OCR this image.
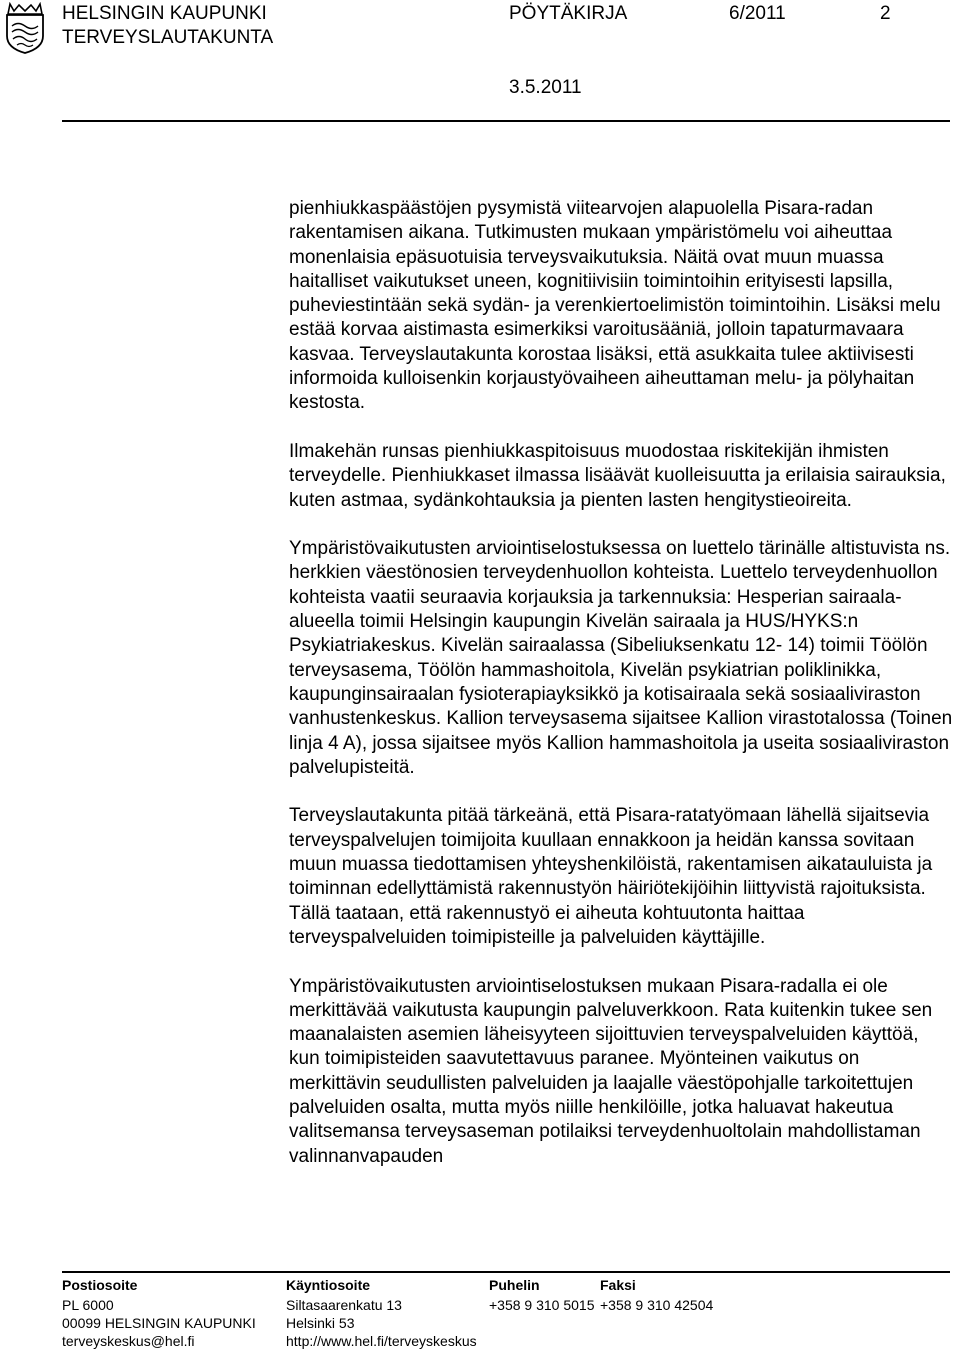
HELSINGIN KAUPUNKI
TERVEYSLAUTAKUNTA
PÖYTÄKIRJA	6/2011	2
3.5.2011

pienhiukkaspäästöjen pysymistä viitearvojen alapuolella Pisara-radan rakentamisen aikana. Tutkimusten mukaan ympäristömelu voi aiheuttaa monenlaisia epäsuotuisia terveysvaikutuksia. Näitä ovat muun muassa haitalliset vaikutukset uneen, kognitiivisiin toimintoihin erityisesti lapsilla, puheviestintään sekä sydän- ja verenkiertoelimistön toimintoihin. Lisäksi melu estää korvaa aistimasta esimerkiksi varoitusääniä, jolloin tapaturmavaara kasvaa. Terveyslautakunta korostaa lisäksi, että asukkaita tulee aktiivisesti informoida kulloisenkin korjaustyövaiheen aiheuttaman melu- ja pölyhaitan kestosta.

Ilmakehän runsas pienhiukkaspitoisuus muodostaa riskitekijän ihmisten terveydelle. Pienhiukkaset ilmassa lisäävät kuolleisuutta ja erilaisia sairauksia, kuten astmaa, sydänkohtauksia ja pienten lasten hengitystieoireita.

Ympäristövaikutusten arviointiselostuksessa on luettelo tärinälle altistuvista ns. herkkien väestönosien terveydenhuollon kohteista. Luettelo terveydenhuollon kohteista vaatii seuraavia korjauksia ja tarkennuksia: Hesperian sairaala-alueella toimii Helsingin kaupungin Kivelän sairaala ja HUS/HYKS:n Psykiatriakeskus. Kivelän sairaalassa (Sibeliuksenkatu 12- 14) toimii Töölön terveysasema, Töölön hammashoitola, Kivelän psykiatrian poliklinikka, kaupunginsairaalan fysioterapiayksikkö ja kotisairaala sekä sosiaaliviraston vanhustenkeskus. Kallion terveysasema sijaitsee Kallion virastotalossa (Toinen linja 4 A), jossa sijaitsee myös Kallion hammashoitola ja useita sosiaaliviraston palvelupisteitä.

Terveyslautakunta pitää tärkeänä, että Pisara-ratatyömaan lähellä sijaitsevia terveyspalvelujen toimijoita kuullaan ennakkoon ja heidän kanssa sovitaan muun muassa tiedottamisen yhteyshenkilöistä, rakentamisen aikatauluista ja toiminnan edellyttämistä rakennustyön häiriötekijöihin liittyvistä rajoituksista. Tällä taataan, että rakennustyö ei aiheuta kohtuutonta haittaa terveyspalveluiden toimipisteille ja palveluiden käyttäjille.

Ympäristövaikutusten arviointiselostuksen mukaan Pisara-radalla ei ole merkittävää vaikutusta kaupungin palveluverkkoon. Rata kuitenkin tukee sen maanalaisten asemien läheisyyteen sijoittuvien terveyspalveluiden käyttöä, kun toimipisteiden saavutettavuus paranee. Myönteinen vaikutus on merkittävin seudullisten palveluiden ja laajalle väestöpohjalle tarkoitettujen palveluiden osalta, mutta myös niille henkilöille, jotka haluavat hakeutua valitsemansa terveysaseman potilaiksi terveydenhuoltolain mahdollistaman valinnanvapauden

Postiosoite
PL 6000
00099 HELSINGIN KAUPUNKI
terveyskeskus@hel.fi
Käyntiosoite
Siltasaarenkatu 13
Helsinki 53
http://www.hel.fi/terveyskeskus
Puhelin
+358 9 310 5015
Faksi
+358 9 310 42504
